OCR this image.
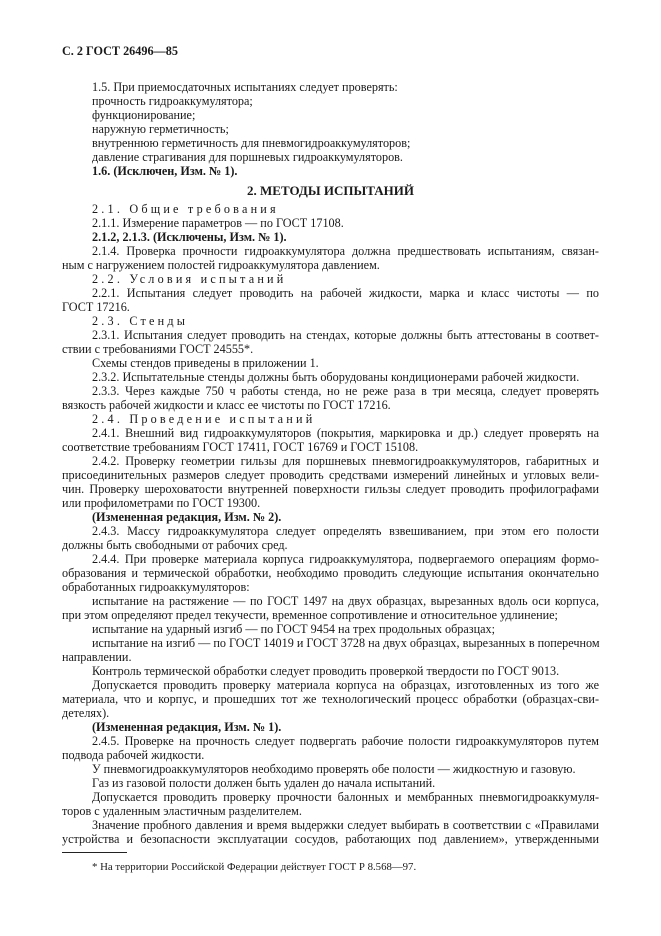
С. 2 ГОСТ 26496—85
1.5. При приемосдаточных испытаниях следует проверять:
прочность гидроаккумулятора;
функционирование;
наружную герметичность;
внутреннюю герметичность для пневмогидроаккумуляторов;
давление страгивания для поршневых гидроаккумуляторов.
1.6. (Исключен, Изм. № 1).
2. МЕТОДЫ ИСПЫТАНИЙ
2.1. Общие требования
2.1.1. Измерение параметров — по ГОСТ 17108.
2.1.2, 2.1.3. (Исключены, Изм. № 1).
2.1.4. Проверка прочности гидроаккумулятора должна предшествовать испытаниям, связан-
ным с нагружением полостей гидроаккумулятора давлением.
2.2. Условия испытаний
2.2.1. Испытания следует проводить на рабочей жидкости, марка и класс чистоты — по
ГОСТ 17216.
2.3. Стенды
2.3.1. Испытания следует проводить на стендах, которые должны быть аттестованы в соответ-
ствии с требованиями ГОСТ 24555*.
Схемы стендов приведены в приложении 1.
2.3.2. Испытательные стенды должны быть оборудованы кондиционерами рабочей жидкости.
2.3.3. Через каждые 750 ч работы стенда, но не реже раза в три месяца, следует проверять
вязкость рабочей жидкости и класс ее чистоты по ГОСТ 17216.
2.4. Проведение испытаний
2.4.1. Внешний вид гидроаккумуляторов (покрытия, маркировка и др.) следует проверять на
соответствие требованиям ГОСТ 17411, ГОСТ 16769 и ГОСТ 15108.
2.4.2. Проверку геометрии гильзы для поршневых пневмогидроаккумуляторов, габаритных и
присоединительных размеров следует проводить средствами измерений линейных и угловых вели-
чин. Проверку шероховатости внутренней поверхности гильзы следует проводить профилографами
или профилометрами по ГОСТ 19300.
(Измененная редакция, Изм. № 2).
2.4.3. Массу гидроаккумулятора следует определять взвешиванием, при этом его полости
должны быть свободными от рабочих сред.
2.4.4. При проверке материала корпуса гидроаккумулятора, подвергаемого операциям формо-
образования и термической обработки, необходимо проводить следующие испытания окончательно
обработанных гидроаккумуляторов:
испытание на растяжение — по ГОСТ 1497 на двух образцах, вырезанных вдоль оси корпуса,
при этом определяют предел текучести, временное сопротивление и относительное удлинение;
испытание на ударный изгиб — по ГОСТ 9454 на трех продольных образцах;
испытание на изгиб — по ГОСТ 14019 и ГОСТ 3728 на двух образцах, вырезанных в поперечном
направлении.
Контроль термической обработки следует проводить проверкой твердости по ГОСТ 9013.
Допускается проводить проверку материала корпуса на образцах, изготовленных из того же
материала, что и корпус, и прошедших тот же технологический процесс обработки (образцах-сви-
детелях).
(Измененная редакция, Изм. № 1).
2.4.5. Проверке на прочность следует подвергать рабочие полости гидроаккумуляторов путем
подвода рабочей жидкости.
У пневмогидроаккумуляторов необходимо проверять обе полости — жидкостную и газовую.
Газ из газовой полости должен быть удален до начала испытаний.
Допускается проводить проверку прочности балонных и мембранных пневмогидроаккумуля-
торов с удаленным эластичным разделителем.
Значение пробного давления и время выдержки следует выбирать в соответствии с «Правилами
устройства и безопасности эксплуатации сосудов, работающих под давлением», утвержденными
* На территории Российской Федерации действует ГОСТ Р 8.568—97.
